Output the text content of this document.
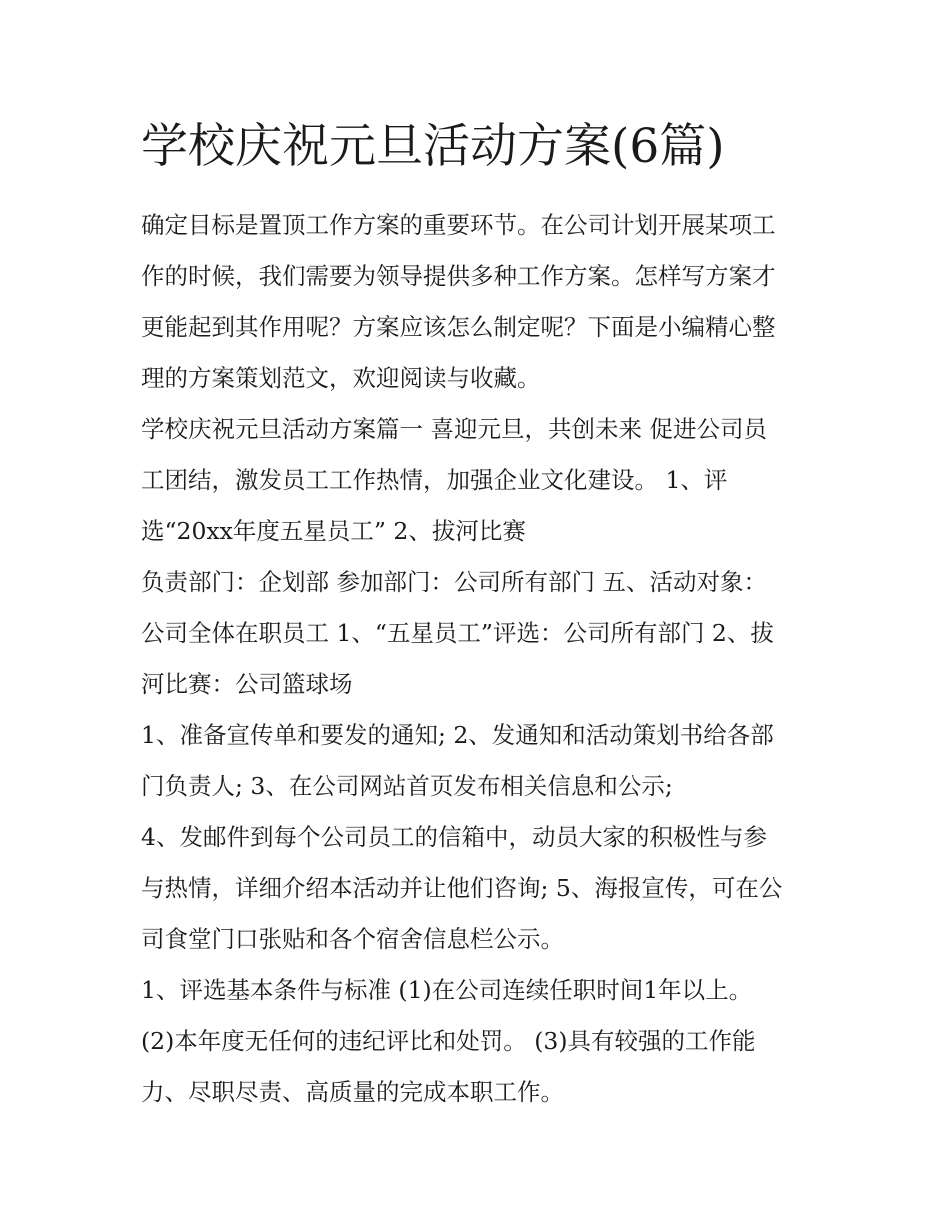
学校庆祝元旦活动方案(6篇)

确定目标是置顶工作方案的重要环节。在公司计划开展某项工
作的时候，我们需要为领导提供多种工作方案。怎样写方案才
更能起到其作用呢？方案应该怎么制定呢？下面是小编精心整
理的方案策划范文，欢迎阅读与收藏。

学校庆祝元旦活动方案篇一 喜迎元旦，共创未来 促进公司员
工团结，激发员工工作热情，加强企业文化建设。 1、评
选“20xx年度五星员工” 2、拔河比赛

负责部门：企划部 参加部门：公司所有部门 五、活动对象：
公司全体在职员工 1、“五星员工”评选：公司所有部门 2、拔
河比赛：公司篮球场

1、准备宣传单和要发的通知; 2、发通知和活动策划书给各部
门负责人; 3、在公司网站首页发布相关信息和公示;

4、发邮件到每个公司员工的信箱中，动员大家的积极性与参
与热情，详细介绍本活动并让他们咨询; 5、海报宣传，可在公
司食堂门口张贴和各个宿舍信息栏公示。

1、评选基本条件与标准 (1)在公司连续任职时间1年以上。
(2)本年度无任何的违纪评比和处罚。 (3)具有较强的工作能
力、尽职尽责、高质量的完成本职工作。
